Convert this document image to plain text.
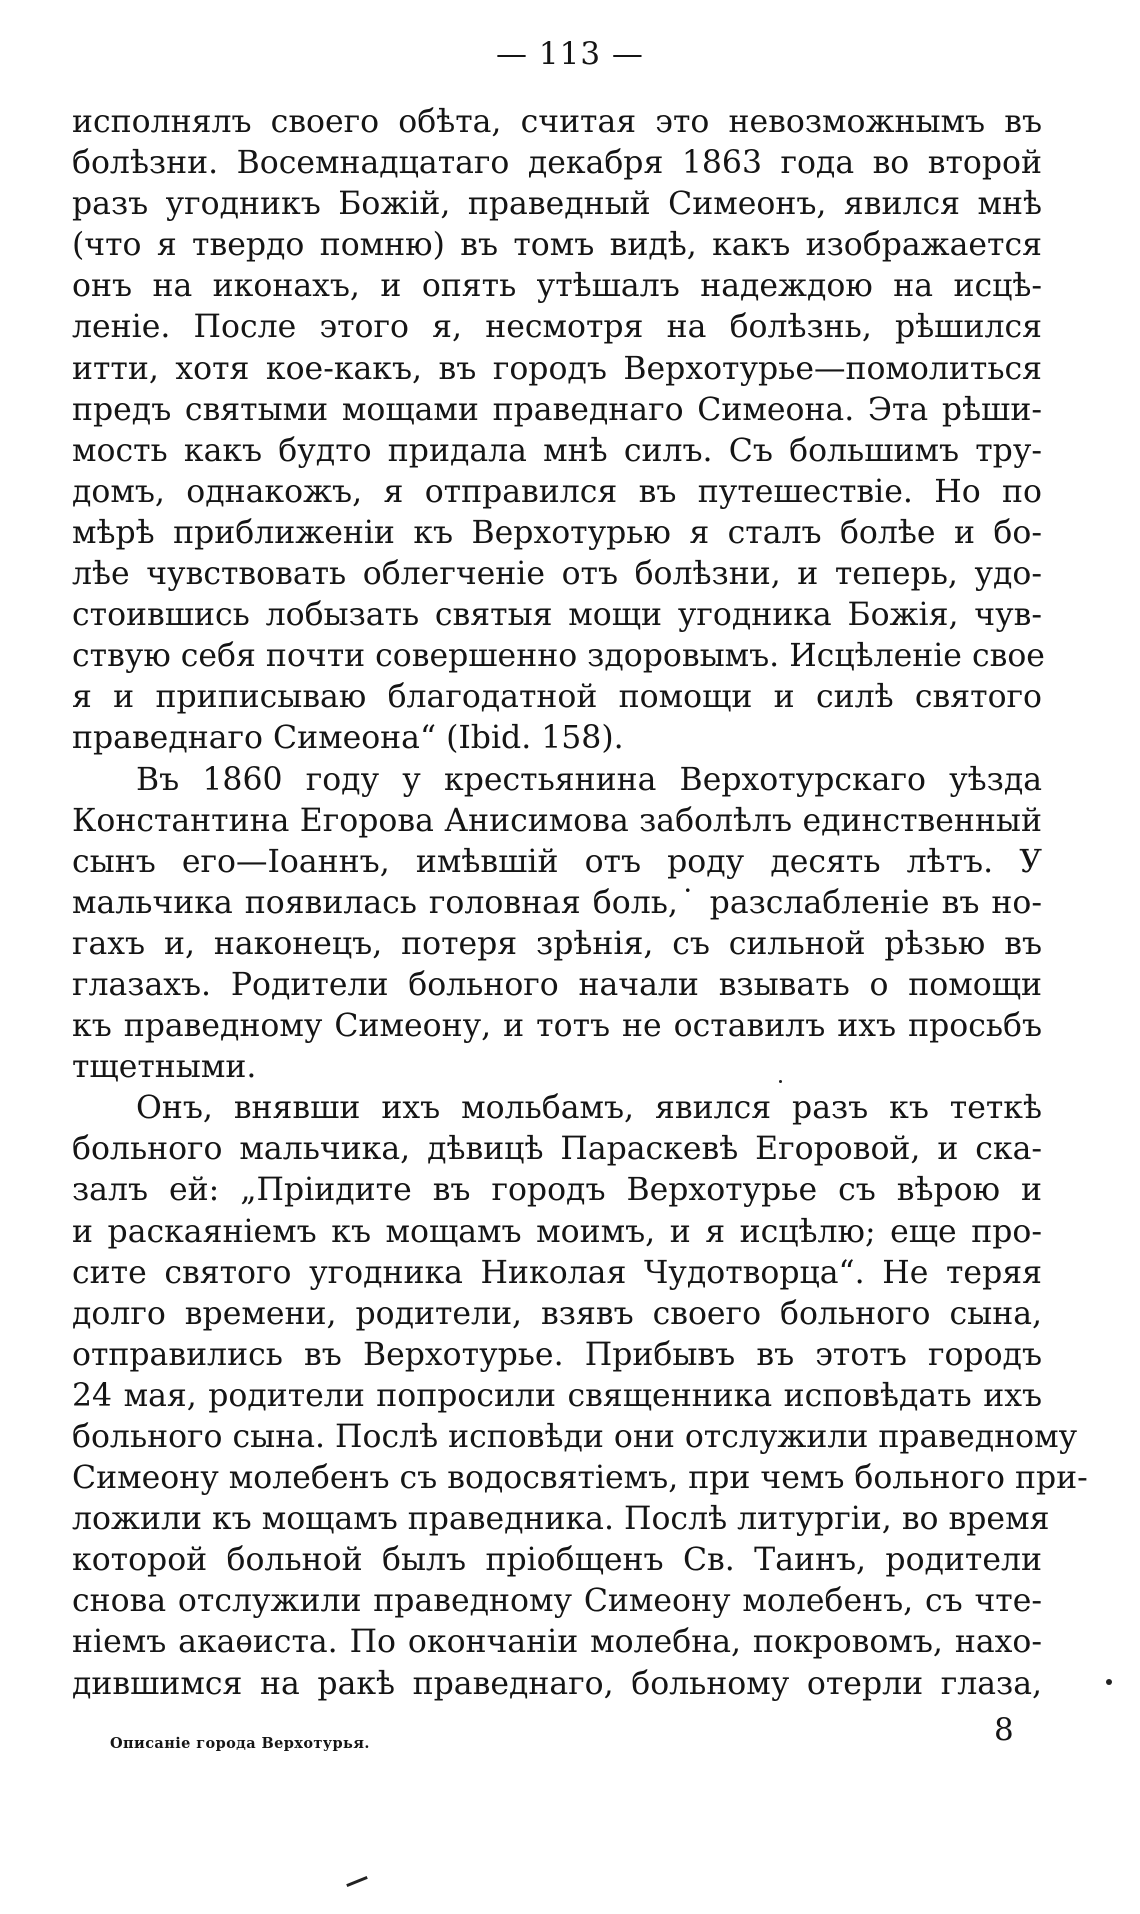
— 113 —
исполнялъ своего обѣта, считая это невозможнымъ въ
болѣзни. Восемнадцатаго декабря 1863 года во второй
разъ угодникъ Божій, праведный Симеонъ, явился мнѣ
(что я твердо помню) въ томъ видѣ, какъ изображается
онъ на иконахъ, и опять утѣшалъ надеждою на исцѣ-
леніе. После этого я, несмотря на болѣзнь, рѣшился
итти, хотя кое-какъ, въ городъ Верхотурье—помолиться
предъ святыми мощами праведнаго Симеона. Эта рѣши-
мость какъ будто придала мнѣ силъ. Съ большимъ тру-
домъ, однакожъ, я отправился въ путешествіе. Но по
мѣрѣ приближеніи къ Верхотурью я сталъ болѣе и бо-
лѣе чувствовать облегченіе отъ болѣзни, и теперь, удо-
стоившись лобызать святыя мощи угодника Божія, чув-
ствую себя почти совершенно здоровымъ. Исцѣленіе свое
я и приписываю благодатной помощи и силѣ святого
праведнаго Симеона“ (Ibid. 158).
Въ 1860 году у крестьянина Верхотурскаго уѣзда
Константина Егорова Анисимова заболѣлъ единственный
сынъ его—Іоаннъ, имѣвшій отъ роду десять лѣтъ. У
мальчика появилась головная боль,˙ разслабленіе въ но-
гахъ и, наконецъ, потеря зрѣнія, съ сильной рѣзью въ
глазахъ. Родители больного начали взывать о помощи
къ праведному Симеону, и тотъ не оставилъ ихъ просьбъ
тщетными.
Онъ, внявши ихъ мольбамъ, явился разъ къ теткѣ
больного мальчика, дѣвицѣ Параскевѣ Егоровой, и ска-
залъ ей: „Пріидите въ городъ Верхотурье съ вѣрою и
и раскаяніемъ къ мощамъ моимъ, и я исцѣлю; еще про-
сите святого угодника Николая Чудотворца“. Не теряя
долго времени, родители, взявъ своего больного сына,
отправились въ Верхотурье. Прибывъ въ этотъ городъ
24 мая, родители попросили священника исповѣдать ихъ
больного сына. Послѣ исповѣди они отслужили праведному
Симеону молебенъ съ водосвятіемъ, при чемъ больного при-
ложили къ мощамъ праведника. Послѣ литургіи, во время
которой больной былъ пріобщенъ Св. Таинъ, родители
снова отслужили праведному Симеону молебенъ, съ чте-
ніемъ акаѳиста. По окончаніи молебна, покровомъ, нахо-
дившимся на ракѣ праведнаго, больному отерли глаза,
Описаніе города Верхотурья.	8
